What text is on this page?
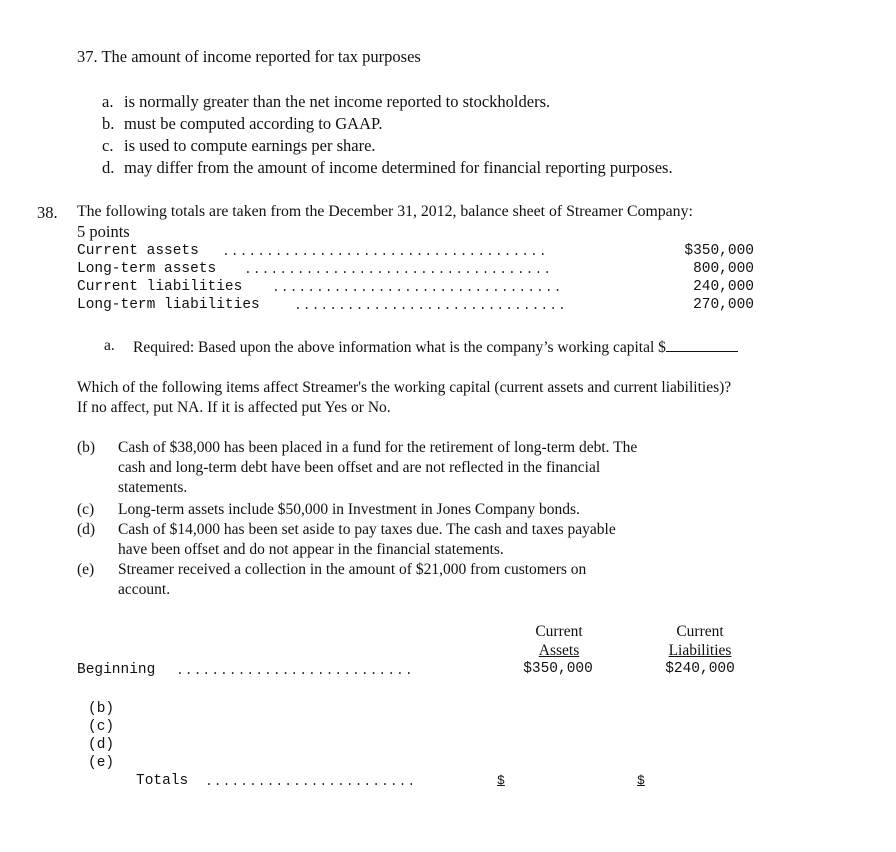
37. The amount of income reported for tax purposes
a. is normally greater than the net income reported to stockholders.
b. must be computed according to GAAP.
c. is used to compute earnings per share.
d. may differ from the amount of income determined for financial reporting purposes.
38. The following totals are taken from the December 31, 2012, balance sheet of Streamer Company:
5 points
Current assets .....................................	$350,000
Long-term assets ...................................	800,000
Current liabilities .................................	240,000
Long-term liabilities	...............................	270,000
a. Required: Based upon the above information what is the company’s working capital $
Which of the following items affect Streamer's the working capital (current assets and current liabilities)?
If no affect, put NA. If it is affected put Yes or No.
(b) Cash of $38,000 has been placed in a fund for the retirement of long-term debt. The
cash and long-term debt have been offset and are not reflected in the financial
statements.
(c) Long-term assets include $50,000 in Investment in Jones Company bonds.
(d) Cash of $14,000 has been set aside to pay taxes due. The cash and taxes payable
have been offset and do not appear in the financial statements.
(e) Streamer received a collection in the amount of $21,000 from customers on
account.
Current
Assets
Current
Liabilities
Beginning ...........................	$350,000	$240,000
(b)
(c)
(d)
(e)
Totals ........................	$	$
